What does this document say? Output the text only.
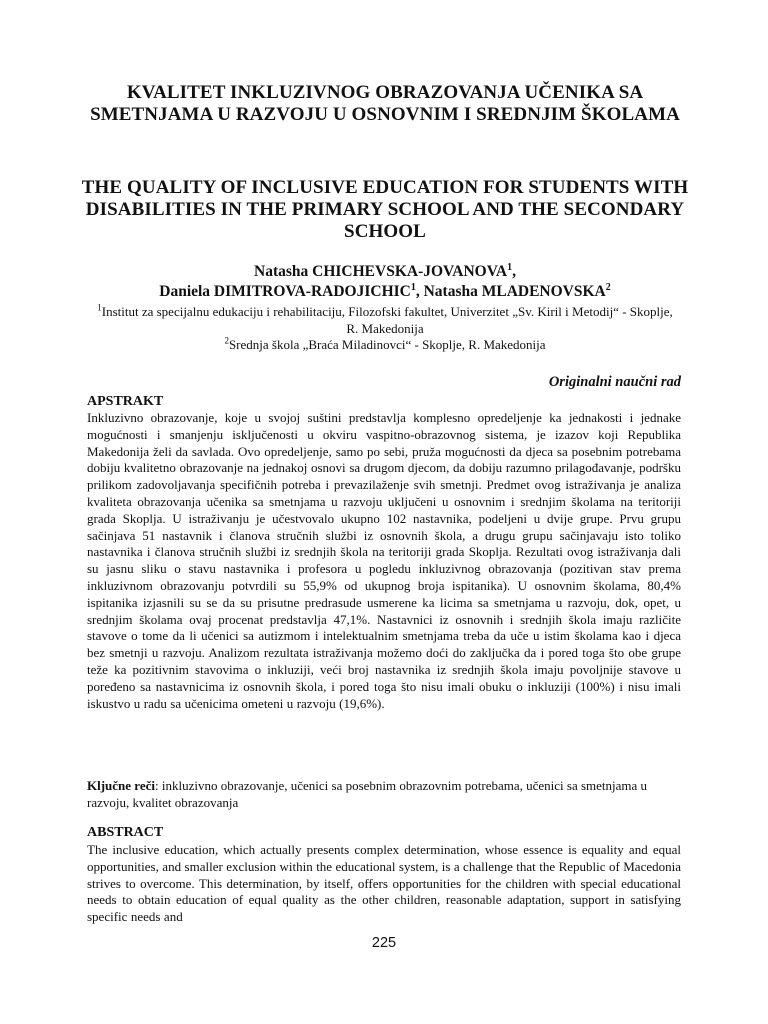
KVALITET INKLUZIVNOG OBRAZOVANJA UČENIKA SA SMETNJAMA U RAZVOJU U OSNOVNIM I SREDNJIM ŠKOLAMA
THE QUALITY OF INCLUSIVE EDUCATION FOR STUDENTS WITH DISABILITIES IN THE PRIMARY SCHOOL AND THE SECONDARY SCHOOL
Natasha CHICHEVSKA-JOVANOVA$^1$,
Daniela DIMITROVA-RADOJICHIC$^1$, Natasha MLADENOVSKA$^2$
$^1$Institut za specijalnu edukaciju i rehabilitaciju, Filozofski fakultet, Univerzitet „Sv. Kiril i Metodij“ - Skoplje, R. Makedonija
$^2$Srednja škola „Braća Miladinovci“ - Skoplje, R. Makedonija
Originalni naučni rad
APSTRAKT
Inkluzivno obrazovanje, koje u svojoj suštini predstavlja komplesno opredeljenje ka jednakosti i jednake mogućnosti i smanjenju isključenosti u okviru vaspitno-obrazovnog sistema, je izazov koji Republika Makedonija želi da savlada. Ovo opredeljenje, samo po sebi, pruža mogućnosti da djeca sa posebnim potrebama dobiju kvalitetno obrazovanje na jednakoj osnovi sa drugom djecom, da dobiju razumno prilagođavanje, podršku prilikom zadovoljavanja specifičnih potreba i prevazilaženje svih smetnji. Predmet ovog istraživanja je analiza kvaliteta obrazovanja učenika sa smetnjama u razvoju uključeni u osnovnim i srednjim školama na teritoriji grada Skoplja. U istraživanju je učestvovalo ukupno 102 nastavnika, podeljeni u dvije grupe. Prvu grupu sačinjava 51 nastavnik i članova stručnih službi iz osnovnih škola, a drugu grupu sačinjavaju isto toliko nastavnika i članova stručnih službi iz srednjih škola na teritoriji grada Skoplja. Rezultati ovog istraživanja dali su jasnu sliku o stavu nastavnika i profesora u pogledu inkluzivnog obrazovanja (pozitivan stav prema inkluzivnom obrazovanju potvrdili su 55,9% od ukupnog broja ispitanika). U osnovnim školama, 80,4% ispitanika izjasnili su se da su prisutne predrasude usmerene ka licima sa smetnjama u razvoju, dok, opet, u srednjim školama ovaj procenat predstavlja 47,1%. Nastavnici iz osnovnih i srednjih škola imaju različite stavove o tome da li učenici sa autizmom i intelektualnim smetnjama treba da uče u istim školama kao i djeca bez smetnji u razvoju. Analizom rezultata istraživanja možemo doći do zaključka da i pored toga što obe grupe teže ka pozitivnim stavovima o inkluziji, veći broj nastavnika iz srednjih škola imaju povoljnije stavove u poređeno sa nastavnicima iz osnovnih škola, i pored toga što nisu imali obuku o inkluziji (100%) i nisu imali iskustvo u radu sa učenicima ometeni u razvoju (19,6%).
Ključne reči: inkluzivno obrazovanje, učenici sa posebnim obrazovnim potrebama, učenici sa smetnjama u razvoju, kvalitet obrazovanja
ABSTRACT
The inclusive education, which actually presents complex determination, whose essence is equality and equal opportunities, and smaller exclusion within the educational system, is a challenge that the Republic of Macedonia strives to overcome. This determination, by itself, offers opportunities for the children with special educational needs to obtain education of equal quality as the other children, reasonable adaptation, support in satisfying specific needs and
225
